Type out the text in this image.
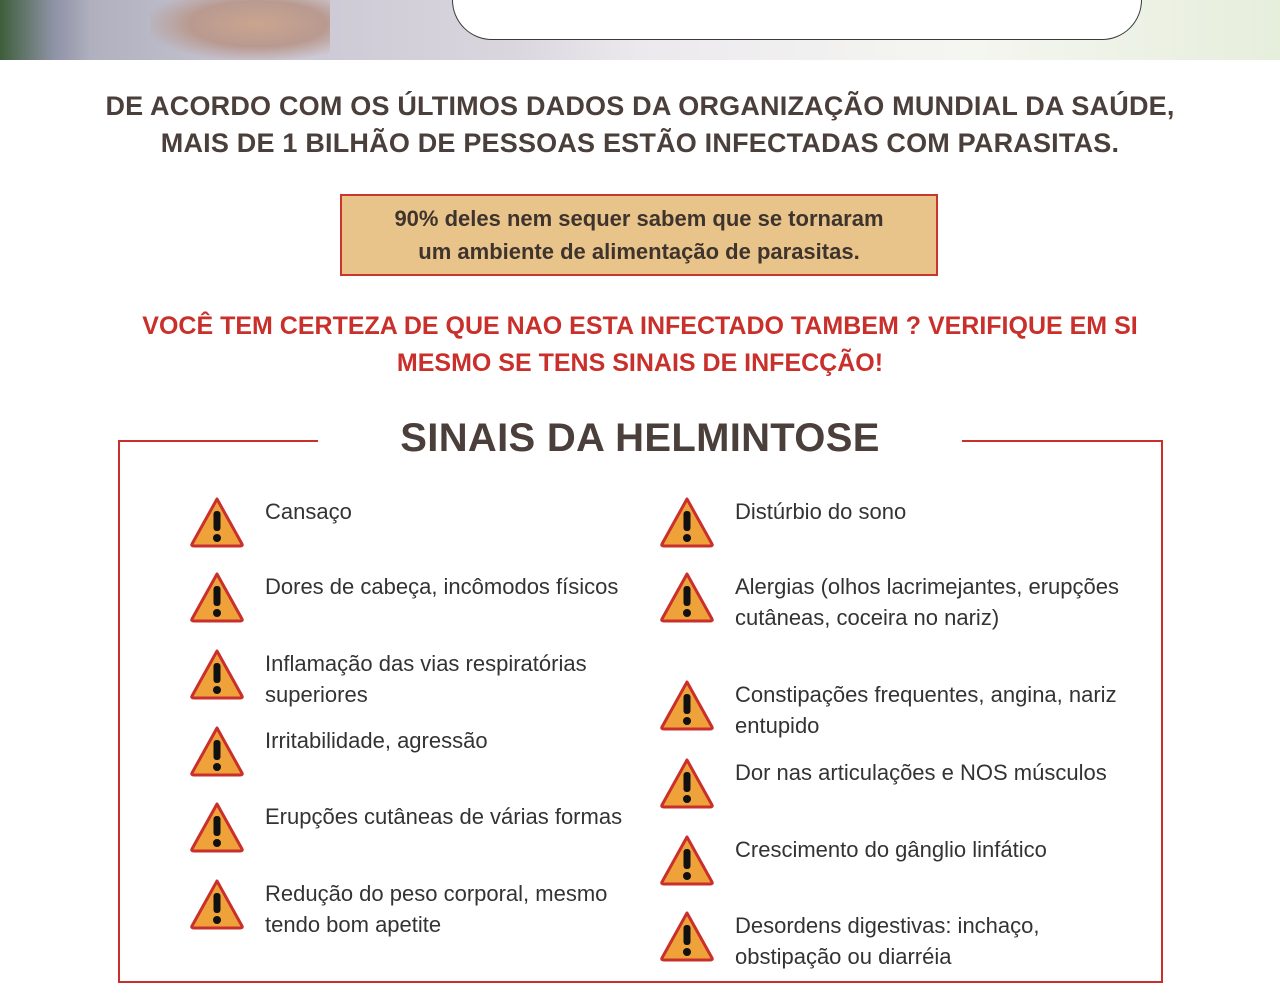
DE ACORDO COM OS ÚLTIMOS DADOS DA ORGANIZAÇÃO MUNDIAL DA SAÚDE,
MAIS DE 1 BILHÃO DE PESSOAS ESTÃO INFECTADAS COM PARASITAS.
90% deles nem sequer sabem que se tornaram
um ambiente de alimentação de parasitas.
VOCÊ TEM CERTEZA DE QUE NAO ESTA INFECTADO TAMBEM ? VERIFIQUE EM SI
MESMO SE TENS SINAIS DE INFECÇÃO!
SINAIS DA HELMINTOSE
Cansaço
Dores de cabeça, incômodos físicos
Inflamação das vias respiratórias superiores
Irritabilidade, agressão
Erupções cutâneas de várias formas
Redução do peso corporal, mesmo tendo bom apetite
Distúrbio do sono
Alergias (olhos lacrimejantes, erupções cutâneas, coceira no nariz)
Constipações frequentes, angina, nariz entupido
Dor nas articulações e NOS músculos
Crescimento do gânglio linfático
Desordens digestivas: inchaço, obstipação ou diarréia
